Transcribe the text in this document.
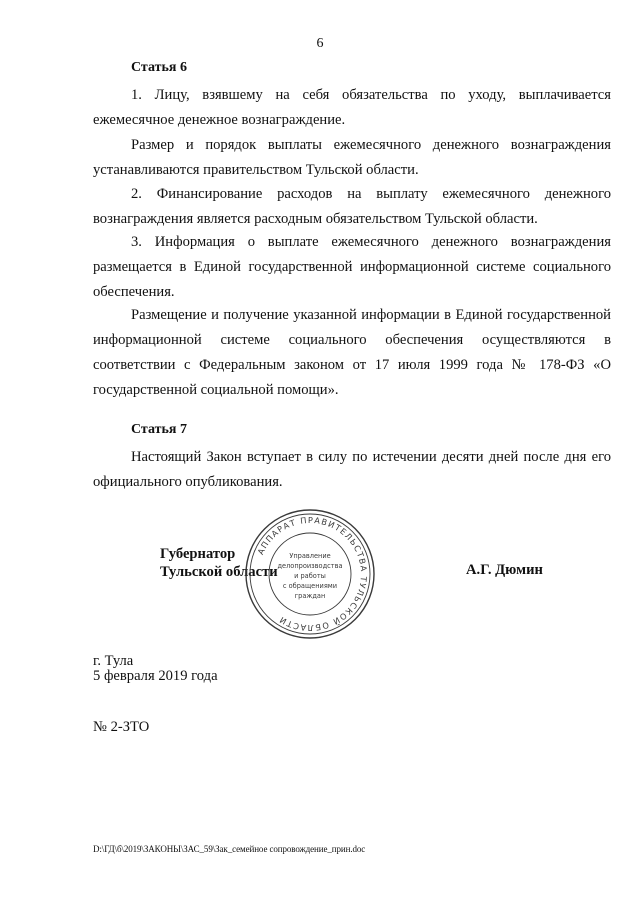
6
Статья 6

1. Лицу, взявшему на себя обязательства по уходу, выплачивается ежемесячное денежное вознаграждение.

Размер и порядок выплаты ежемесячного денежного вознаграждения устанавливаются правительством Тульской области.

2. Финансирование расходов на выплату ежемесячного денежного вознаграждения является расходным обязательством Тульской области.

3. Информация о выплате ежемесячного денежного вознаграждения размещается в Единой государственной информационной системе социального обеспечения.

Размещение и получение указанной информации в Единой государственной информационной системе социального обеспечения осуществляются в соответствии с Федеральным законом от 17 июля 1999 года № 178-ФЗ «О государственной социальной помощи».

Статья 7

Настоящий Закон вступает в силу по истечении десяти дней после дня его официального опубликования.

Губернатор
Тульской области	А.Г. Дюмин
АППАРАТ ПРАВИТЕЛЬСТВА ТУЛЬСКОЙ ОБЛАСТИ
Управление
делопроизводства
и работы
с обращениями
граждан
г. Тула
5 февраля 2019 года
№ 2-ЗТО
D:\ГД\б\2019\ЗАКОНЫ\ЗАС_59\Зак_семейное сопровождение_прин.doc
